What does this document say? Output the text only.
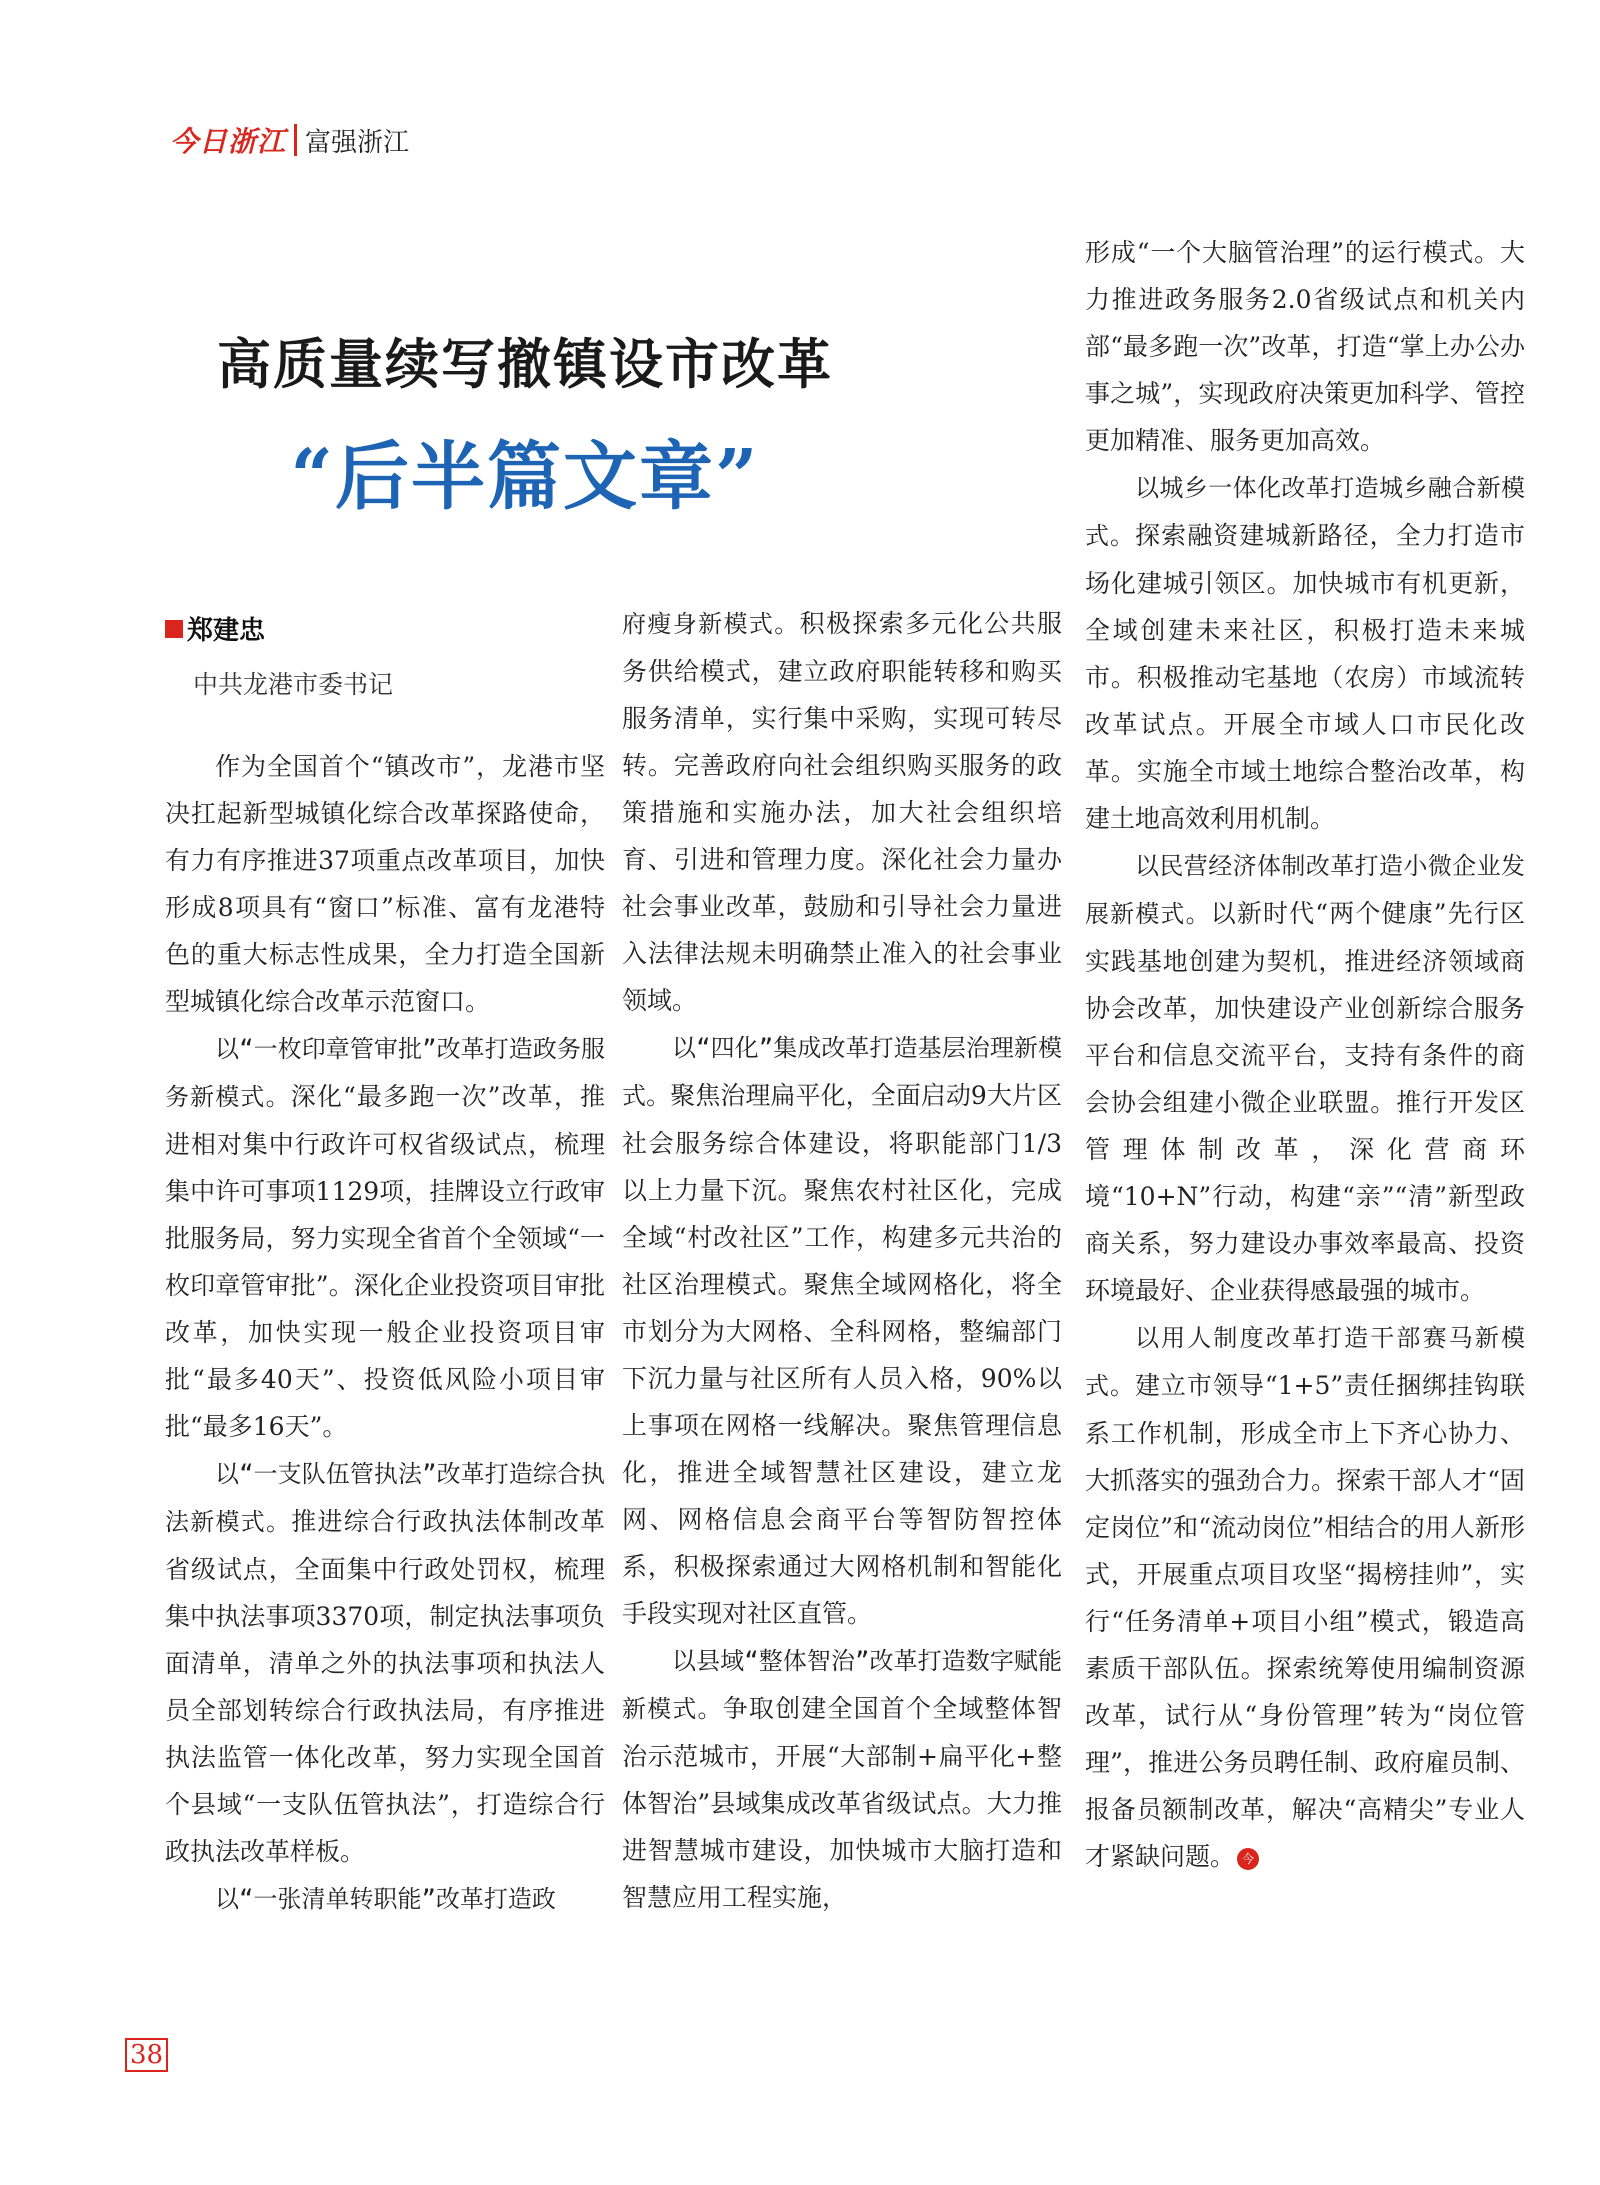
今日浙江 富强浙江
高质量续写撤镇设市改革
“后半篇文章”
郑建忠
中共龙港市委书记

作为全国首个“镇改市”，龙港市坚决扛起新型城镇化综合改革探路使命，有力有序推进37项重点改革项目，加快形成8项具有“窗口”标准、富有龙港特色的重大标志性成果，全力打造全国新型城镇化综合改革示范窗口。

以“一枚印章管审批”改革打造政务服务新模式。深化“最多跑一次”改革，推进相对集中行政许可权省级试点，梳理集中许可事项1129项，挂牌设立行政审批服务局，努力实现全省首个全领域“一枚印章管审批”。深化企业投资项目审批改革，加快实现一般企业投资项目审批“最多40天”、投资低风险小项目审批“最多16天”。

以“一支队伍管执法”改革打造综合执法新模式。推进综合行政执法体制改革省级试点，全面集中行政处罚权，梳理集中执法事项3370项，制定执法事项负面清单，清单之外的执法事项和执法人员全部划转综合行政执法局，有序推进执法监管一体化改革，努力实现全国首个县域“一支队伍管执法”，打造综合行政执法改革样板。

以“一张清单转职能”改革打造政

府瘦身新模式。积极探索多元化公共服务供给模式，建立政府职能转移和购买服务清单，实行集中采购，实现可转尽转。完善政府向社会组织购买服务的政策措施和实施办法，加大社会组织培育、引进和管理力度。深化社会力量办社会事业改革，鼓励和引导社会力量进入法律法规未明确禁止准入的社会事业领域。

以“四化”集成改革打造基层治理新模式。聚焦治理扁平化，全面启动9大片区社会服务综合体建设，将职能部门1/3以上力量下沉。聚焦农村社区化，完成全域“村改社区”工作，构建多元共治的社区治理模式。聚焦全域网格化，将全市划分为大网格、全科网格，整编部门下沉力量与社区所有人员入格，90%以上事项在网格一线解决。聚焦管理信息化，推进全域智慧社区建设，建立龙网、网格信息会商平台等智防智控体系，积极探索通过大网格机制和智能化手段实现对社区直管。

以县域“整体智治”改革打造数字赋能新模式。争取创建全国首个全域整体智治示范城市，开展“大部制+扁平化+整体智治”县域集成改革省级试点。大力推进智慧城市建设，加快城市大脑打造和智慧应用工程实施，

形成“一个大脑管治理”的运行模式。大力推进政务服务2.0省级试点和机关内部“最多跑一次”改革，打造“掌上办公办事之城”，实现政府决策更加科学、管控更加精准、服务更加高效。

以城乡一体化改革打造城乡融合新模式。探索融资建城新路径，全力打造市场化建城引领区。加快城市有机更新，全域创建未来社区，积极打造未来城市。积极推动宅基地（农房）市域流转改革试点。开展全市域人口市民化改革。实施全市域土地综合整治改革，构建土地高效利用机制。

以民营经济体制改革打造小微企业发展新模式。以新时代“两个健康”先行区实践基地创建为契机，推进经济领域商协会改革，加快建设产业创新综合服务平台和信息交流平台，支持有条件的商会协会组建小微企业联盟。推行开发区管理体制改革，深化营商环境“10+N”行动，构建“亲”“清”新型政商关系，努力建设办事效率最高、投资环境最好、企业获得感最强的城市。

以用人制度改革打造干部赛马新模式。建立市领导“1+5”责任捆绑挂钩联系工作机制，形成全市上下齐心协力、大抓落实的强劲合力。探索干部人才“固定岗位”和“流动岗位”相结合的用人新形式，开展重点项目攻坚“揭榜挂帅”，实行“任务清单+项目小组”模式，锻造高素质干部队伍。探索统筹使用编制资源改革，试行从“身份管理”转为“岗位管理”，推进公务员聘任制、政府雇员制、报备员额制改革，解决“高精尖”专业人才紧缺问题。 今

38
